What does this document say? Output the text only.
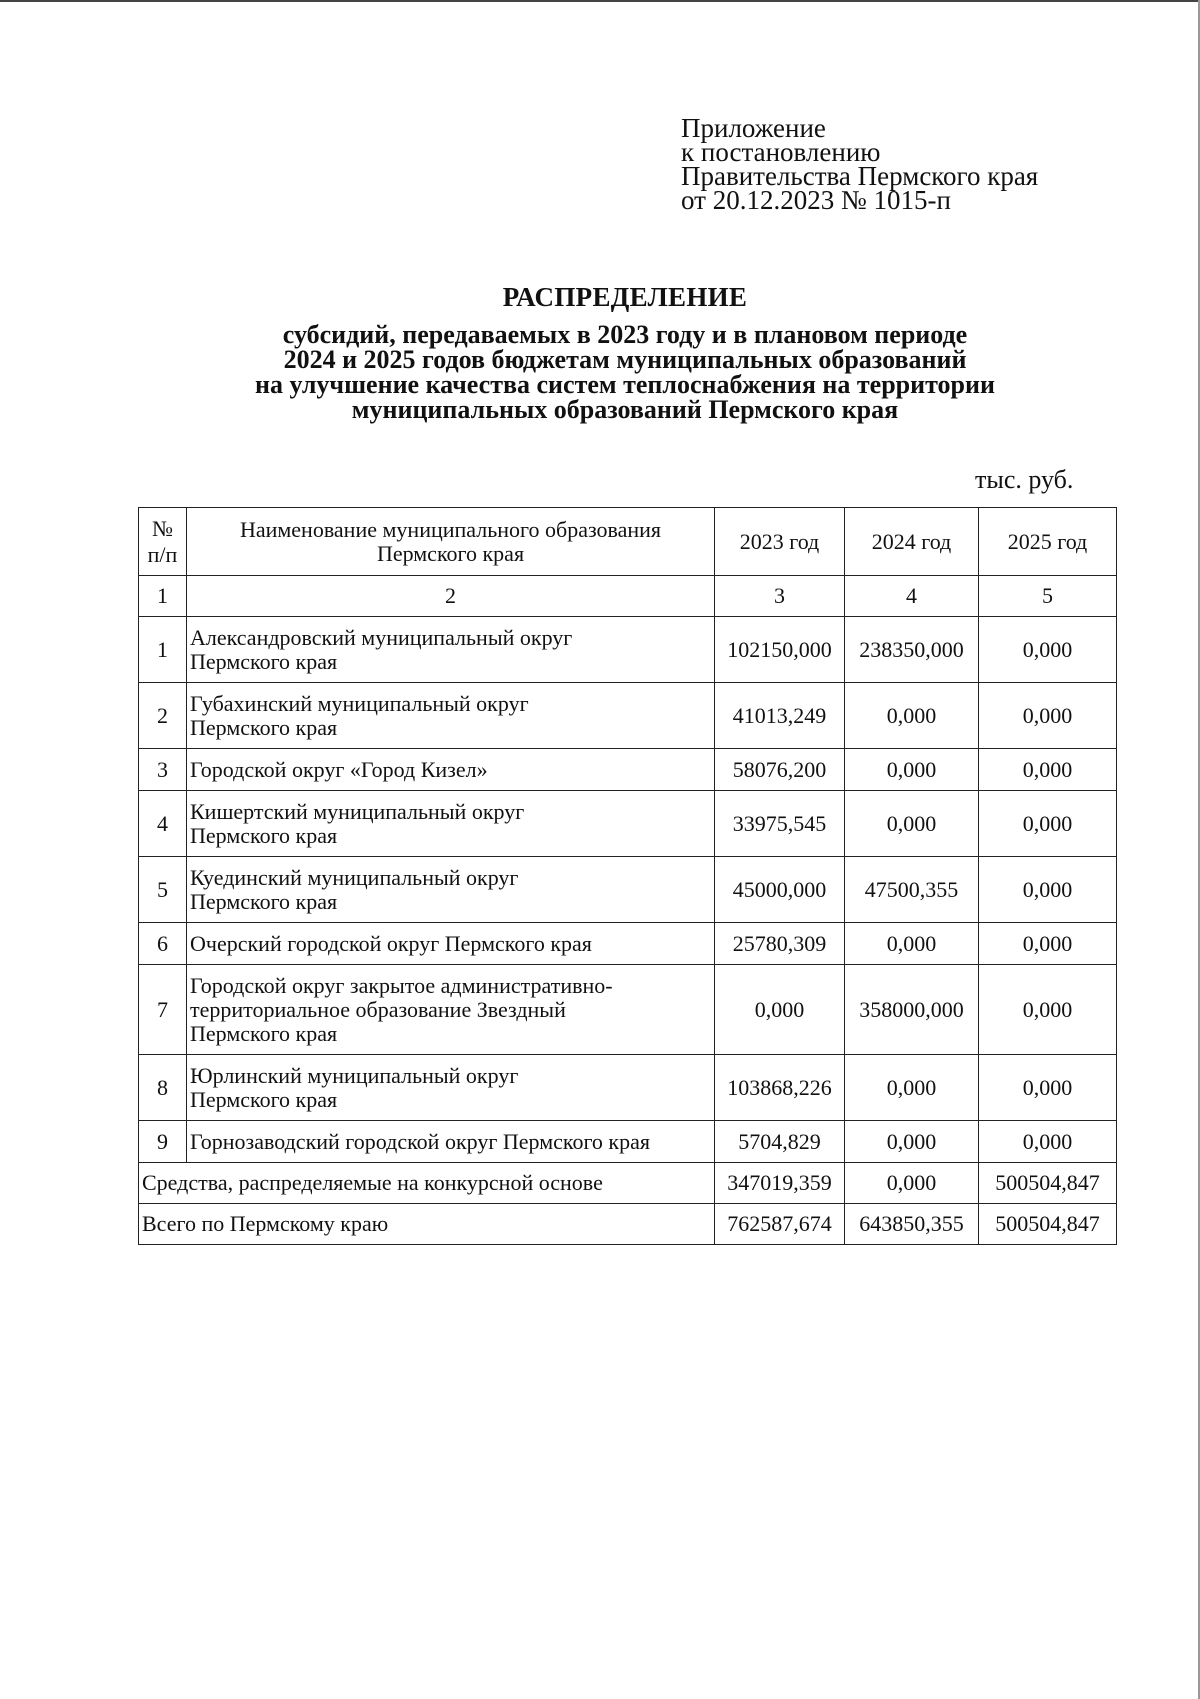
Приложение
к постановлению
Правительства Пермского края
от 20.12.2023 № 1015-п
РАСПРЕДЕЛЕНИЕ
субсидий, передаваемых в 2023 году и в плановом периоде
2024 и 2025 годов бюджетам муниципальных образований
на улучшение качества систем теплоснабжения на территории
муниципальных образований Пермского края
тыс. руб.
№ п/п	Наименование муниципального образования Пермского края	2023 год	2024 год	2025 год
1	2	3	4	5
1	Александровский муниципальный округ
Пермского края	102150,000	238350,000	0,000
2	Губахинский муниципальный округ
Пермского края	41013,249	0,000	0,000
3	Городской округ «Город Кизел»	58076,200	0,000	0,000
4	Кишертский муниципальный округ
Пермского края	33975,545	0,000	0,000
5	Куединский муниципальный округ
Пермского края	45000,000	47500,355	0,000
6	Очерский городской округ Пермского края	25780,309	0,000	0,000
7	Городской округ закрытое административно-
территориальное образование Звездный
Пермского края	0,000	358000,000	0,000
8	Юрлинский муниципальный округ
Пермского края	103868,226	0,000	0,000
9	Горнозаводский городской округ Пермского края	5704,829	0,000	0,000
Средства, распределяемые на конкурсной основе		347019,359	0,000	500504,847
Всего по Пермскому краю		762587,674	643850,355	500504,847
